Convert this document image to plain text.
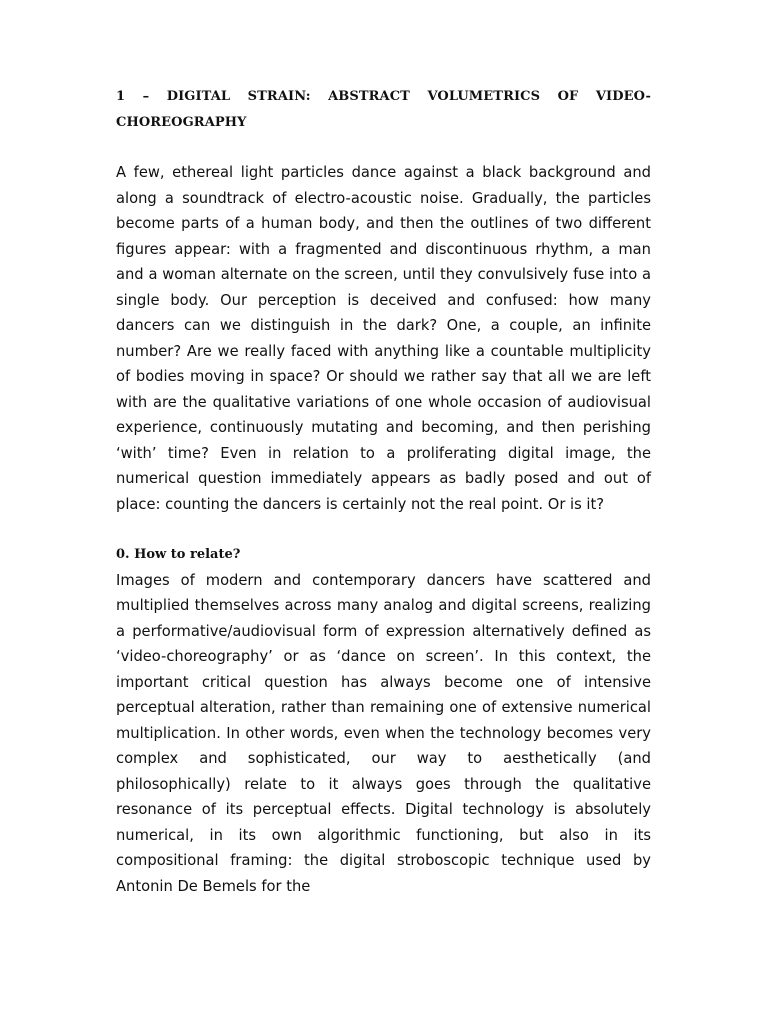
1 – DIGITAL STRAIN: ABSTRACT VOLUMETRICS OF VIDEO-CHOREOGRAPHY

A few, ethereal light particles dance against a black background and along a soundtrack of electro-acoustic noise. Gradually, the particles become parts of a human body, and then the outlines of two different figures appear: with a fragmented and discontinuous rhythm, a man and a woman alternate on the screen, until they convulsively fuse into a single body. Our perception is deceived and confused: how many dancers can we distinguish in the dark? One, a couple, an infinite number? Are we really faced with anything like a countable multiplicity of bodies moving in space? Or should we rather say that all we are left with are the qualitative variations of one whole occasion of audiovisual experience, continuously mutating and becoming, and then perishing ‘with’ time? Even in relation to a proliferating digital image, the numerical question immediately appears as badly posed and out of place: counting the dancers is certainly not the real point. Or is it?

0. How to relate?

Images of modern and contemporary dancers have scattered and multiplied themselves across many analog and digital screens, realizing a performative/audiovisual form of expression alternatively defined as ‘video-choreography’ or as ‘dance on screen’. In this context, the important critical question has always become one of intensive perceptual alteration, rather than remaining one of extensive numerical multiplication. In other words, even when the technology becomes very complex and sophisticated, our way to aesthetically (and philosophically) relate to it always goes through the qualitative resonance of its perceptual effects. Digital technology is absolutely numerical, in its own algorithmic functioning, but also in its compositional framing: the digital stroboscopic technique used by Antonin De Bemels for the
